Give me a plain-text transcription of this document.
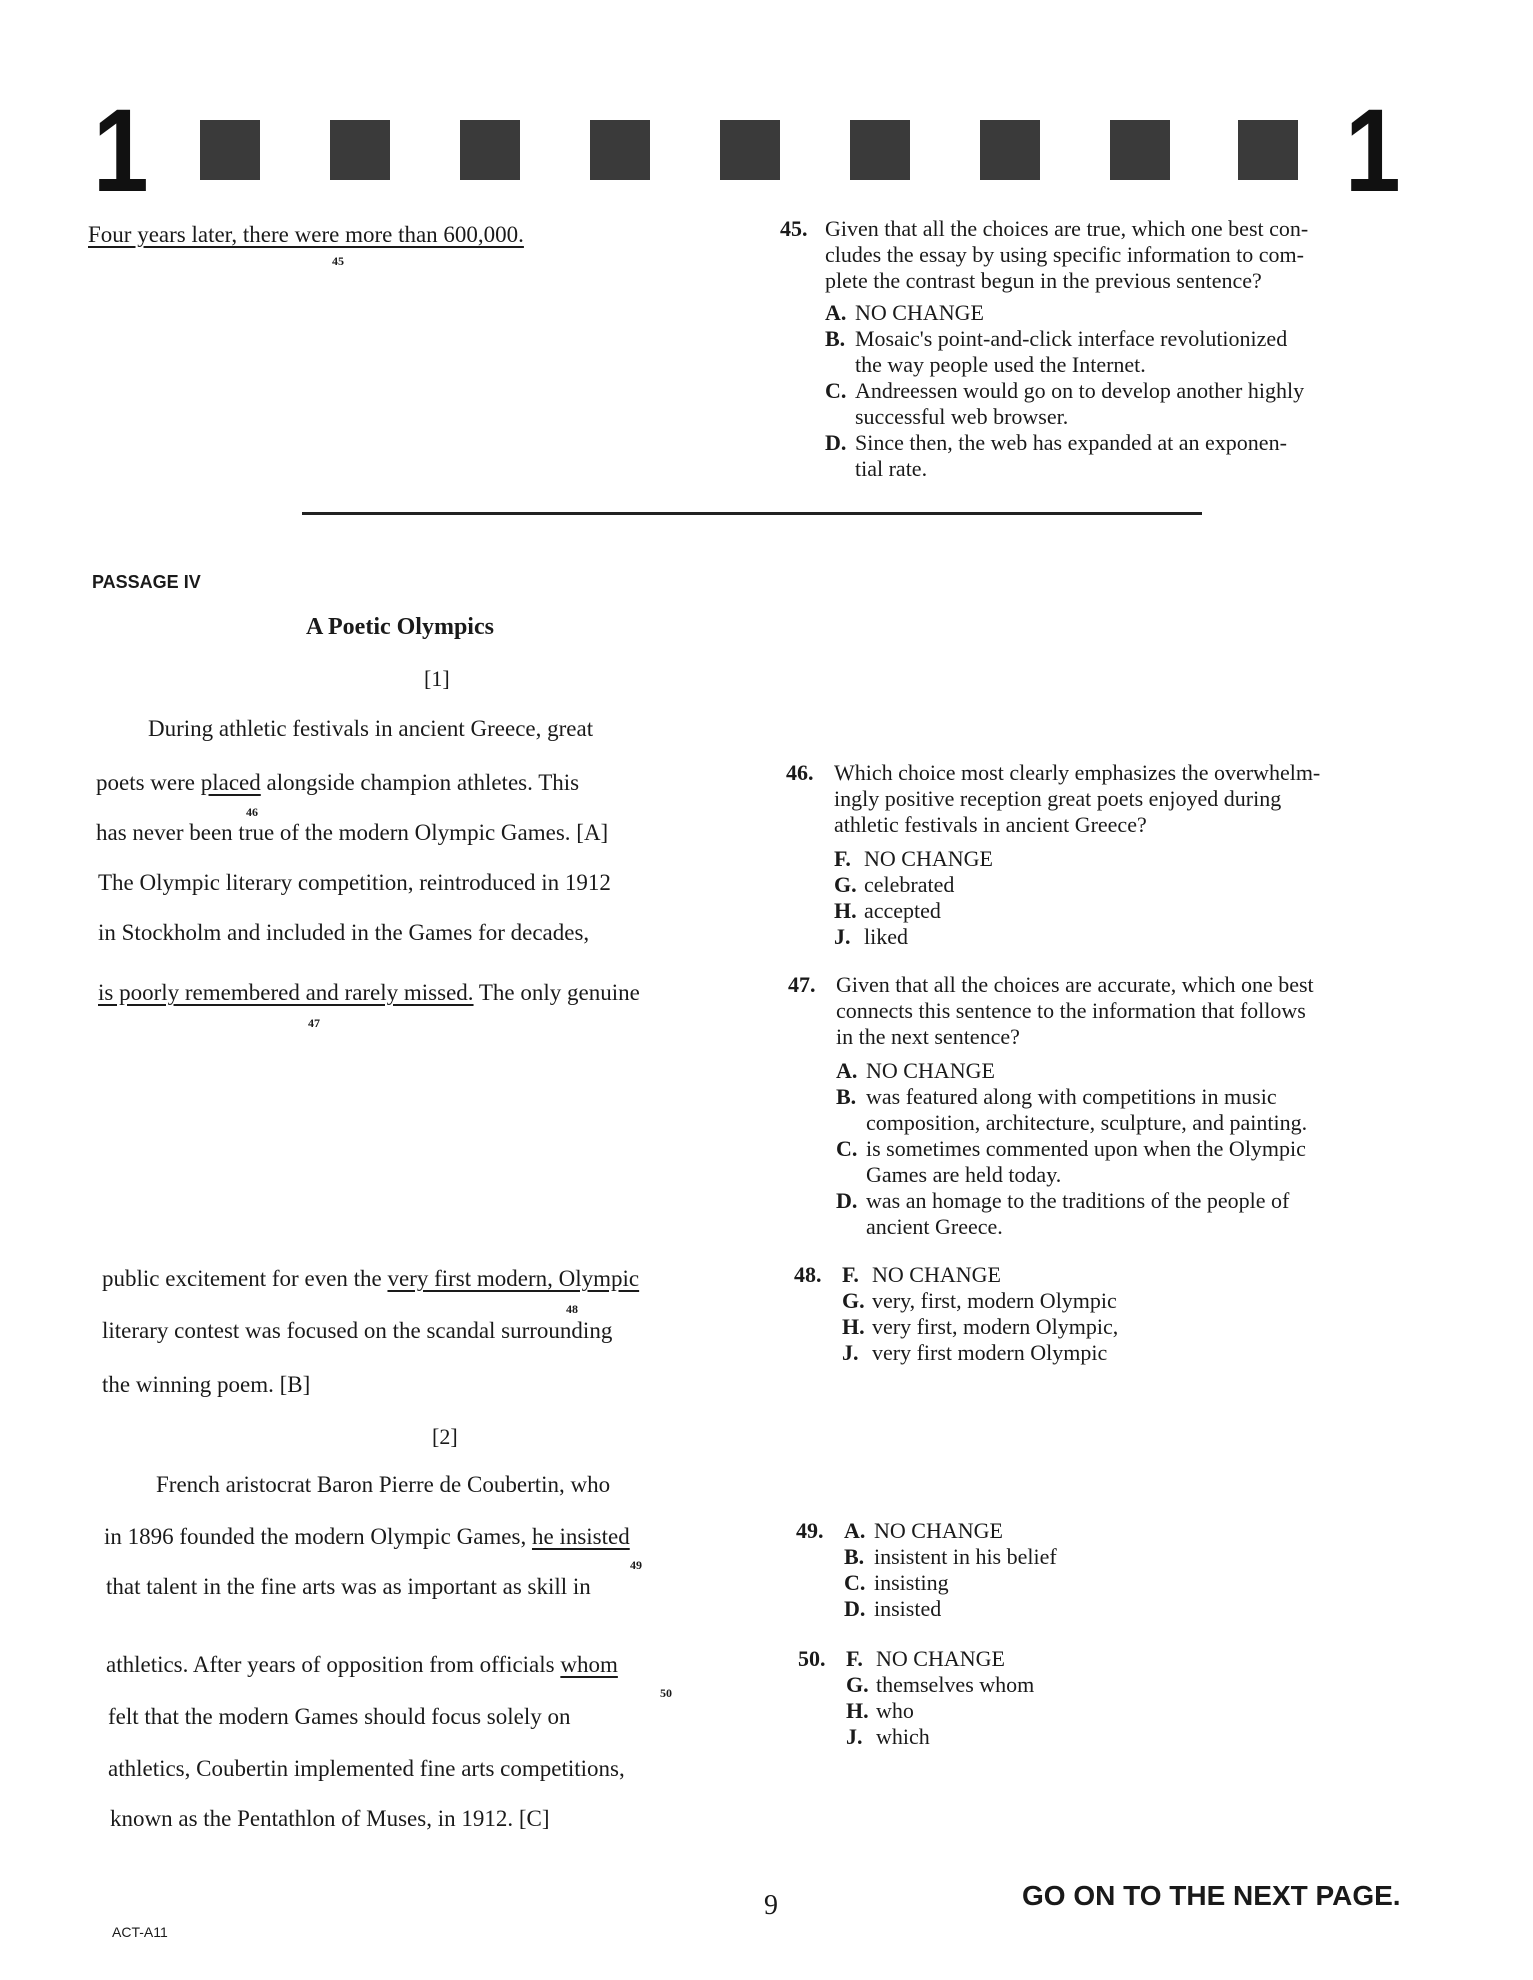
1	1
Four years later, there were more than 600,000.
45
45. Given that all the choices are true, which one best con-
cludes the essay by using specific information to com-
plete the contrast begun in the previous sentence?
A. NO CHANGE
B. Mosaic's point-and-click interface revolutionized
the way people used the Internet.
C. Andreessen would go on to develop another highly
successful web browser.
D. Since then, the web has expanded at an exponen-
tial rate.
PASSAGE IV
A Poetic Olympics
[1]
During athletic festivals in ancient Greece, great
poets were placed alongside champion athletes. This
46
has never been true of the modern Olympic Games. [A]
The Olympic literary competition, reintroduced in 1912
in Stockholm and included in the Games for decades,
is poorly remembered and rarely missed. The only genuine
47
public excitement for even the very first modern, Olympic
48
literary contest was focused on the scandal surrounding
the winning poem. [B]
[2]
French aristocrat Baron Pierre de Coubertin, who
in 1896 founded the modern Olympic Games, he insisted
49
that talent in the fine arts was as important as skill in
athletics. After years of opposition from officials whom
50
felt that the modern Games should focus solely on
athletics, Coubertin implemented fine arts competitions,
known as the Pentathlon of Muses, in 1912. [C]
46. Which choice most clearly emphasizes the overwhelm-
ingly positive reception great poets enjoyed during
athletic festivals in ancient Greece?
F. NO CHANGE
G. celebrated
H. accepted
J. liked
47. Given that all the choices are accurate, which one best
connects this sentence to the information that follows
in the next sentence?
A. NO CHANGE
B. was featured along with competitions in music
composition, architecture, sculpture, and painting.
C. is sometimes commented upon when the Olympic
Games are held today.
D. was an homage to the traditions of the people of
ancient Greece.
48. F. NO CHANGE
G. very, first, modern Olympic
H. very first, modern Olympic,
J. very first modern Olympic
49. A. NO CHANGE
B. insistent in his belief
C. insisting
D. insisted
50. F. NO CHANGE
G. themselves whom
H. who
J. which
ACT-A11
9	GO ON TO THE NEXT PAGE.
